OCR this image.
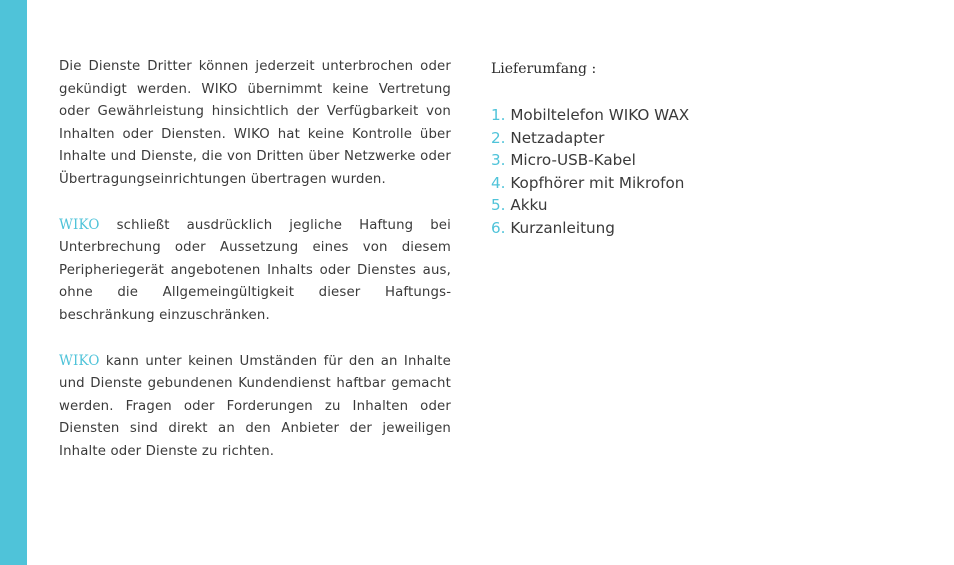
Die Dienste Dritter können jederzeit unterbrochen oder gekündigt werden. WIKO übernimmt keine Vertretung oder Gewährleistung hinsichtlich der Verfügbarkeit von Inhalten oder Diensten. WIKO hat keine Kontrolle über Inhalte und Dienste, die von Dritten über Netzwerke oder Übertragungseinrichtungen übertragen wurden.

WIKO schließt ausdrücklich jegliche Haftung bei Unterbrechung oder Aussetzung eines von diesem Peripheriegerät angebotenen Inhalts oder Dienstes aus, ohne die Allgemeingültigkeit dieser Haftungsbeschränkung einzuschränken.

WIKO kann unter keinen Umständen für den an Inhalte und Dienste gebundenen Kundendienst haftbar gemacht werden. Fragen oder Forderungen zu Inhalten oder Diensten sind direkt an den Anbieter der jeweiligen Inhalte oder Dienste zu richten.

Lieferumfang :
1. Mobiltelefon WIKO WAX
2. Netzadapter
3. Micro-USB-Kabel
4. Kopfhörer mit Mikrofon
5. Akku
6. Kurzanleitung
